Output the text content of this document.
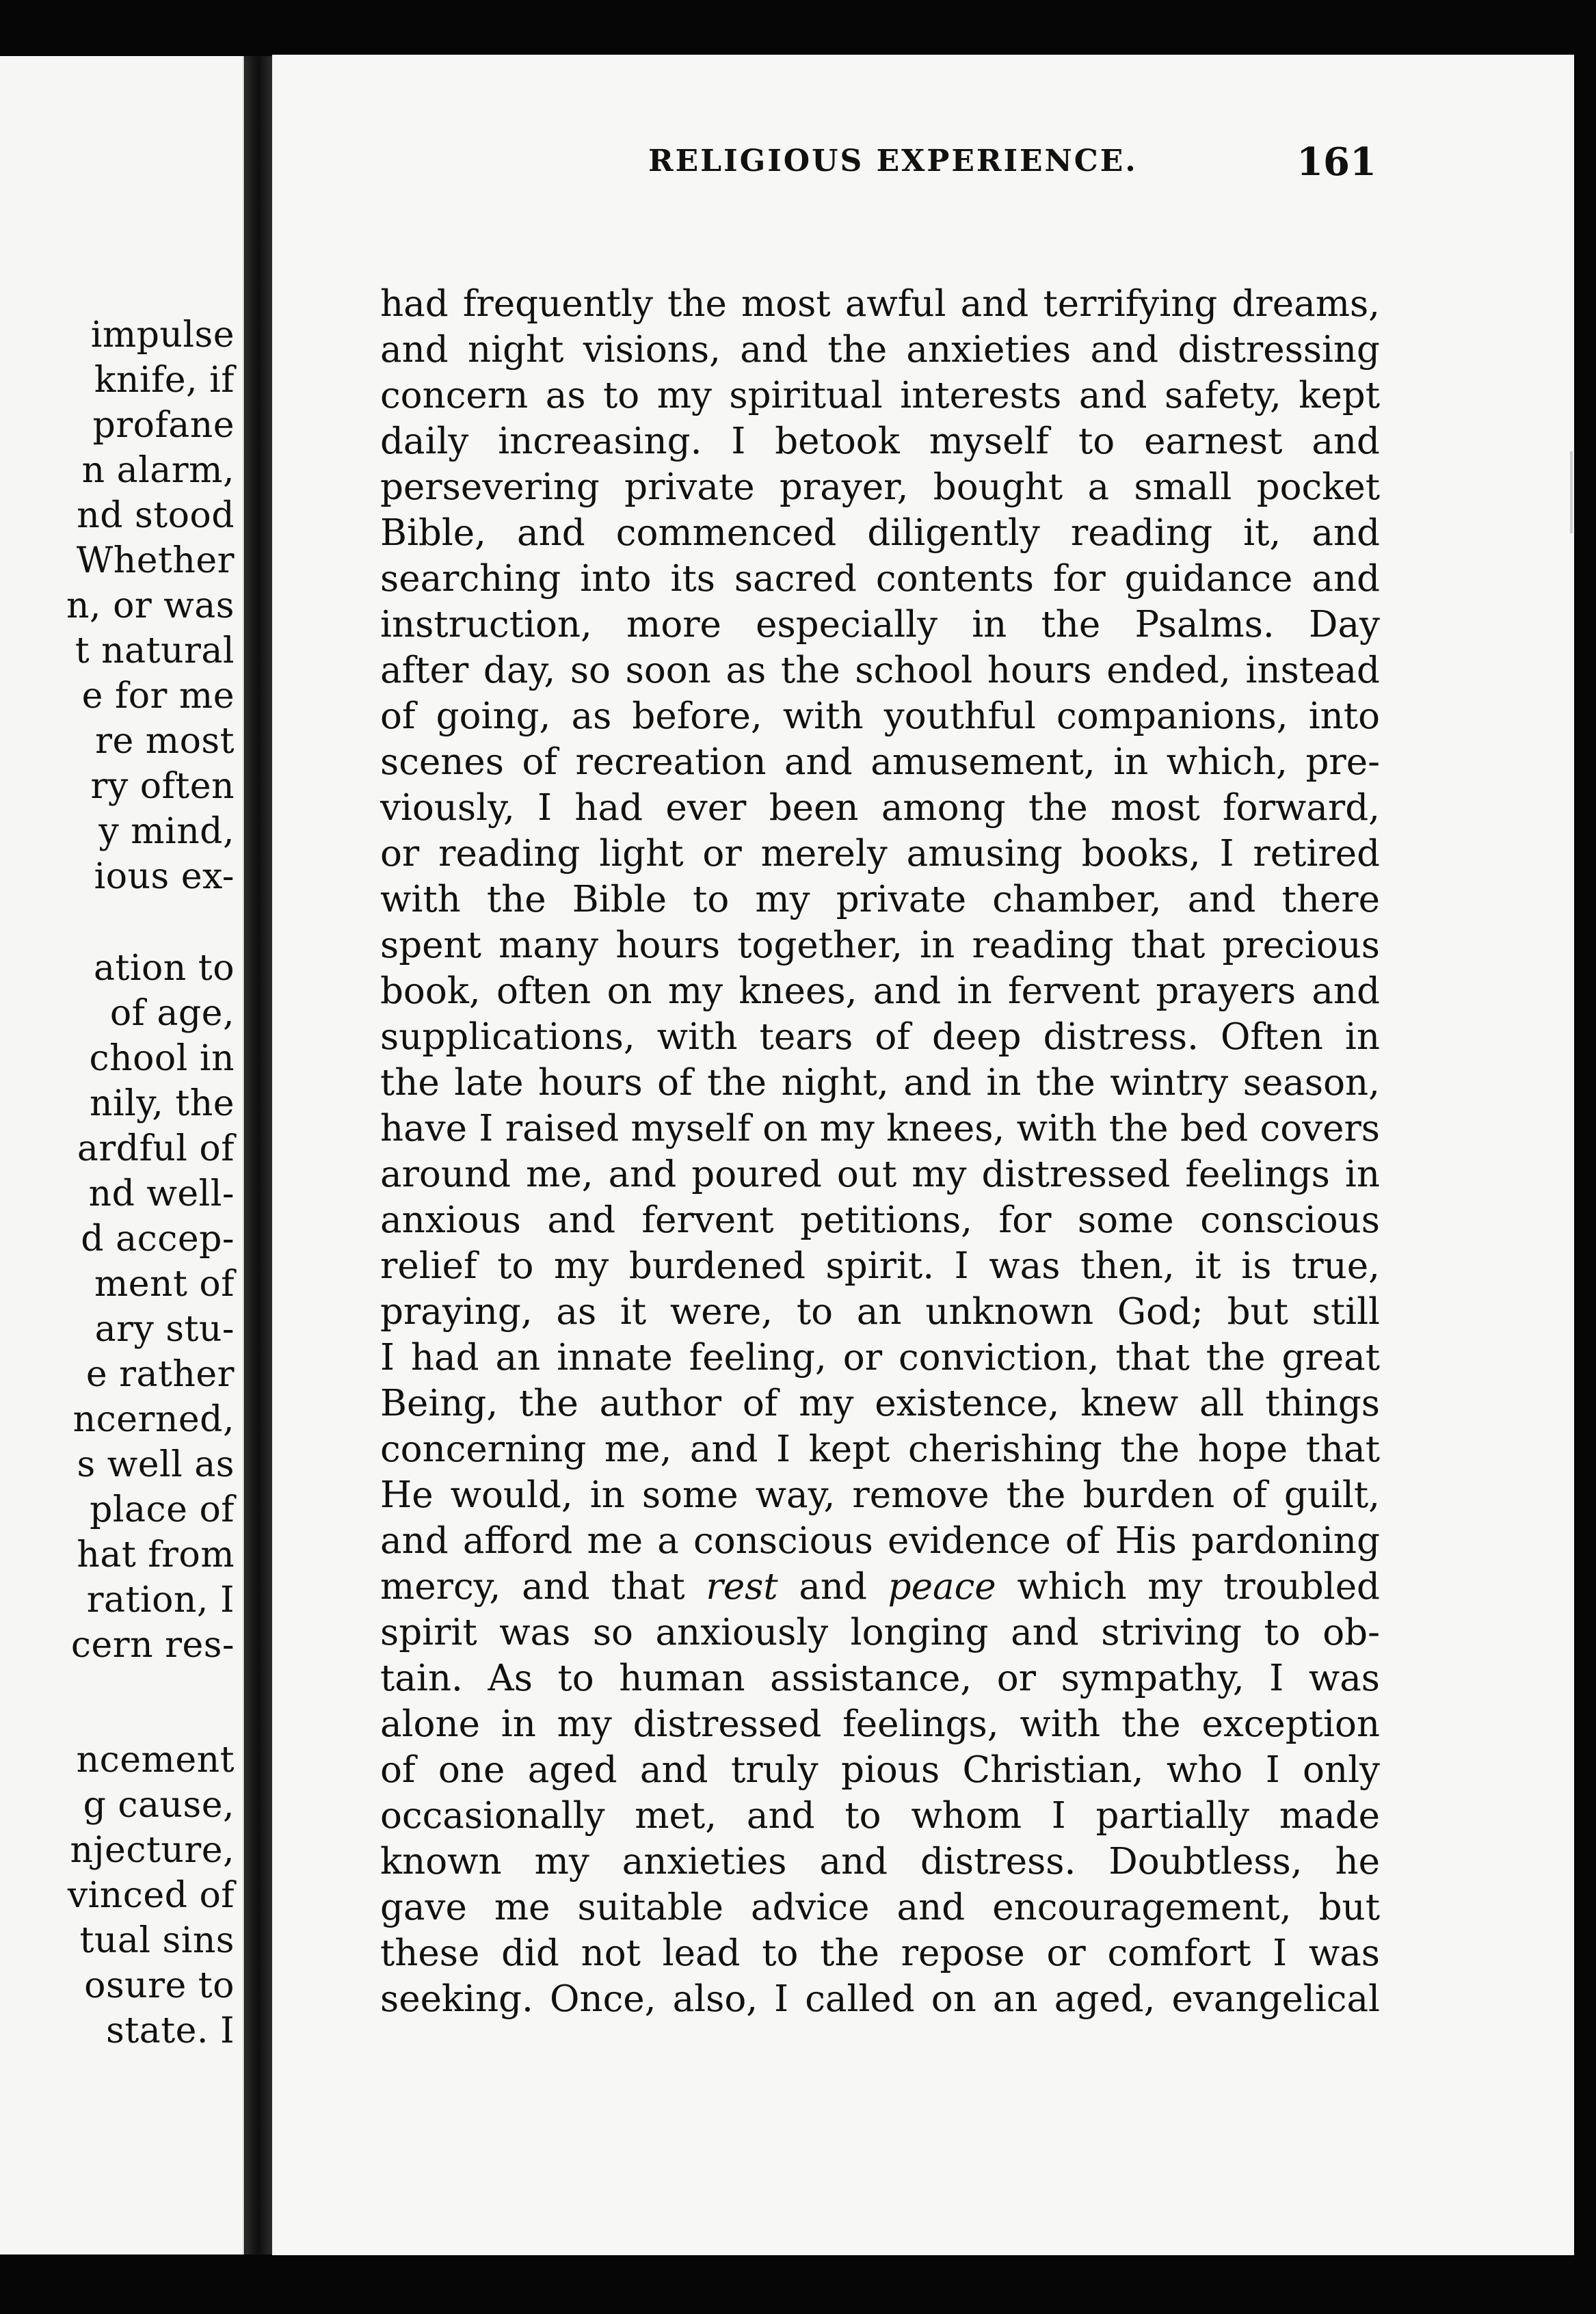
impulse
knife, if
profane
n alarm,
nd stood
Whether
n, or was
t natural
e for me
re most
ry often
y mind,
ious ex-
ation to
of age,
chool in
nily, the
ardful of
nd well-
d accep-
ment of
ary stu-
e rather
ncerned,
s well as
place of
hat from
ration, I
cern res-
ncement
g cause,
njecture,
vinced of
tual sins
osure to
state. I
RELIGIOUS EXPERIENCE.	161
had frequently the most awful and terrifying dreams,
and night visions, and the anxieties and distressing
concern as to my spiritual interests and safety, kept
daily increasing. I betook myself to earnest and
persevering private prayer, bought a small pocket
Bible, and commenced diligently reading it, and
searching into its sacred contents for guidance and
instruction, more especially in the Psalms. Day
after day, so soon as the school hours ended, instead
of going, as before, with youthful companions, into
scenes of recreation and amusement, in which, pre-
viously, I had ever been among the most forward,
or reading light or merely amusing books, I retired
with the Bible to my private chamber, and there
spent many hours together, in reading that precious
book, often on my knees, and in fervent prayers and
supplications, with tears of deep distress. Often in
the late hours of the night, and in the wintry season,
have I raised myself on my knees, with the bed covers
around me, and poured out my distressed feelings in
anxious and fervent petitions, for some conscious
relief to my burdened spirit. I was then, it is true,
praying, as it were, to an unknown God; but still
I had an innate feeling, or conviction, that the great
Being, the author of my existence, knew all things
concerning me, and I kept cherishing the hope that
He would, in some way, remove the burden of guilt,
and afford me a conscious evidence of His pardoning
mercy, and that rest and peace which my troubled
spirit was so anxiously longing and striving to ob-
tain. As to human assistance, or sympathy, I was
alone in my distressed feelings, with the exception
of one aged and truly pious Christian, who I only
occasionally met, and to whom I partially made
known my anxieties and distress. Doubtless, he
gave me suitable advice and encouragement, but
these did not lead to the repose or comfort I was
seeking. Once, also, I called on an aged, evangelical
